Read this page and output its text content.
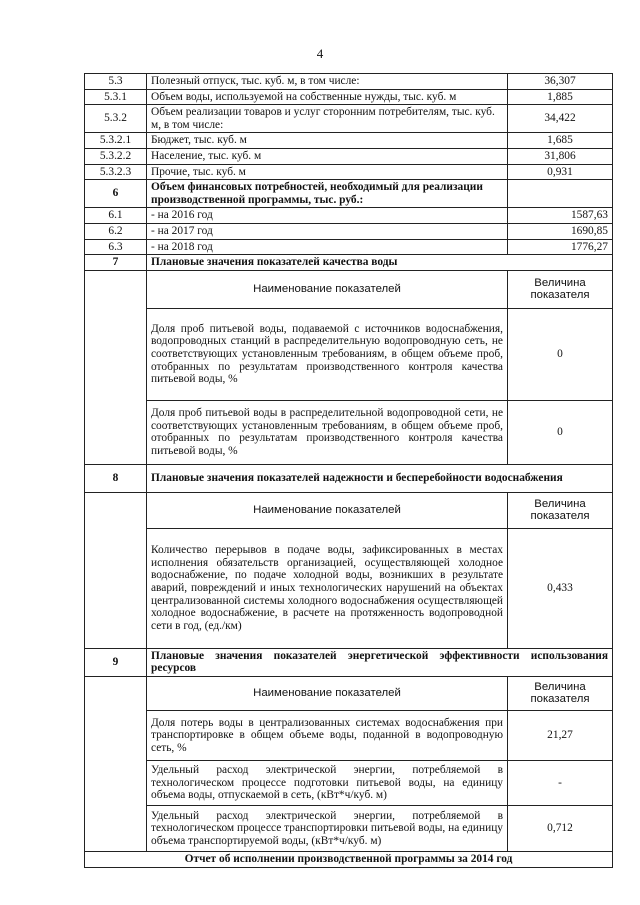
4
5.3	Полезный отпуск, тыс. куб. м, в том числе:	36,307
5.3.1	Объем воды, используемой на собственные нужды, тыс. куб. м	1,885
5.3.2	Объем реализации товаров и услуг сторонним потребителям, тыс. куб. м, в том числе:	34,422
5.3.2.1	Бюджет, тыс. куб. м	1,685
5.3.2.2	Население, тыс. куб. м	31,806
5.3.2.3	Прочие, тыс. куб. м	0,931
6	Объем финансовых потребностей, необходимый для реализации производственной программы, тыс. руб.:	
6.1	- на 2016 год	1587,63
6.2	- на 2017 год	1690,85
6.3	- на 2018 год	1776,27
7	Плановые значения показателей качества воды	
	Наименование показателей	Величина показателя
	Доля проб питьевой воды, подаваемой с источников водоснабжения, водопроводных станций в распределительную водопроводную сеть, не соответствующих установленным требованиям, в общем объеме проб, отобранных по результатам производственного контроля качества питьевой воды, %	0
	Доля проб питьевой воды в распределительной водопроводной сети, не соответствующих установленным требованиям, в общем объеме проб, отобранных по результатам производственного контроля качества питьевой воды, %	0
8	Плановые значения показателей надежности и бесперебойности водоснабжения	
	Наименование показателей	Величина показателя
	Количество перерывов в подаче воды, зафиксированных в местах исполнения обязательств организацией, осуществляющей холодное водоснабжение, по подаче холодной воды, возникших в результате аварий, повреждений и иных технологических нарушений на объектах централизованной системы холодного водоснабжения осуществляющей холодное водоснабжение, в расчете на протяженность водопроводной сети в год, (ед./км)	0,433
9	Плановые значения показателей энергетической эффективности использования ресурсов	
	Наименование показателей	Величина показателя
	Доля потерь воды в централизованных системах водоснабжения при транспортировке в общем объеме воды, поданной в водопроводную сеть, %	21,27
	Удельный расход электрической энергии, потребляемой в технологическом процессе подготовки питьевой воды, на единицу объема воды, отпускаемой в сеть, (кВт*ч/куб. м)	-
	Удельный расход электрической энергии, потребляемой в технологическом процессе транспортировки питьевой воды, на единицу объема транспортируемой воды, (кВт*ч/куб. м)	0,712
Отчет об исполнении производственной программы за 2014 год		
